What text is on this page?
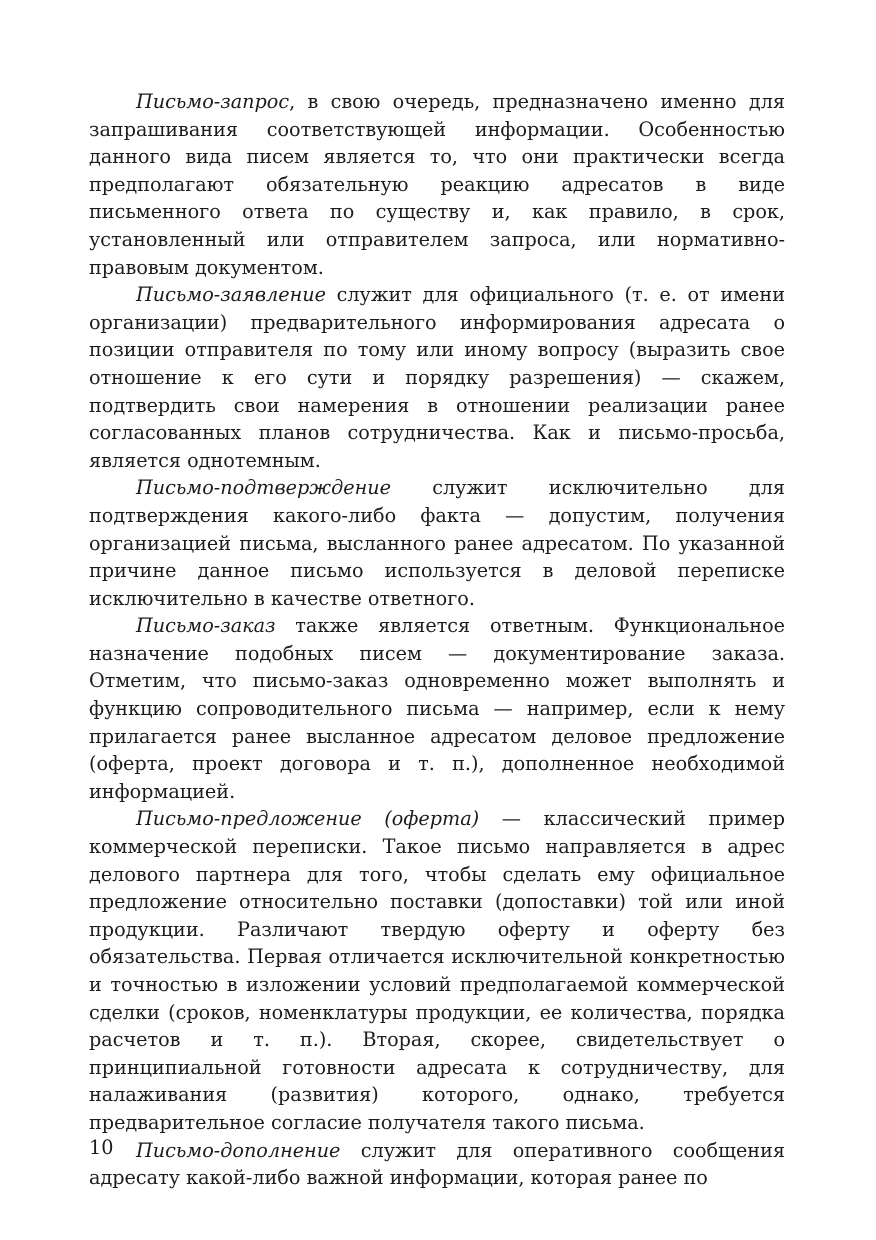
Письмо-запрос, в свою очередь, предназначено именно для запрашивания соответствующей информации. Особенностью данного вида писем является то, что они практически всегда предполагают обязательную реакцию адресатов в виде письменного ответа по существу и, как правило, в срок, установленный или отправителем запроса, или нормативно-правовым документом.

Письмо-заявление служит для официального (т. е. от имени организации) предварительного информирования адресата о позиции отправителя по тому или иному вопросу (выразить свое отношение к его сути и порядку разрешения) — скажем, подтвердить свои намерения в отношении реализации ранее согласованных планов сотрудничества. Как и письмо-просьба, является однотемным.

Письмо-подтверждение служит исключительно для подтверждения какого-либо факта — допустим, получения организацией письма, высланного ранее адресатом. По указанной причине данное письмо используется в деловой переписке исключительно в качестве ответного.

Письмо-заказ также является ответным. Функциональное назначение подобных писем — документирование заказа. Отметим, что письмо-заказ одновременно может выполнять и функцию сопроводительного письма — например, если к нему прилагается ранее высланное адресатом деловое предложение (оферта, проект договора и т. п.), дополненное необходимой информацией.

Письмо-предложение (оферта) — классический пример коммерческой переписки. Такое письмо направляется в адрес делового партнера для того, чтобы сделать ему официальное предложение относительно поставки (допоставки) той или иной продукции. Различают твердую оферту и оферту без обязательства. Первая отличается исключительной конкретностью и точностью в изложении условий предполагаемой коммерческой сделки (сроков, номенклатуры продукции, ее количества, порядка расчетов и т. п.). Вторая, скорее, свидетельствует о принципиальной готовности адресата к сотрудничеству, для налаживания (развития) которого, однако, требуется предварительное согласие получателя такого письма.

Письмо-дополнение служит для оперативного сообщения адресату какой-либо важной информации, которая ранее по

10
